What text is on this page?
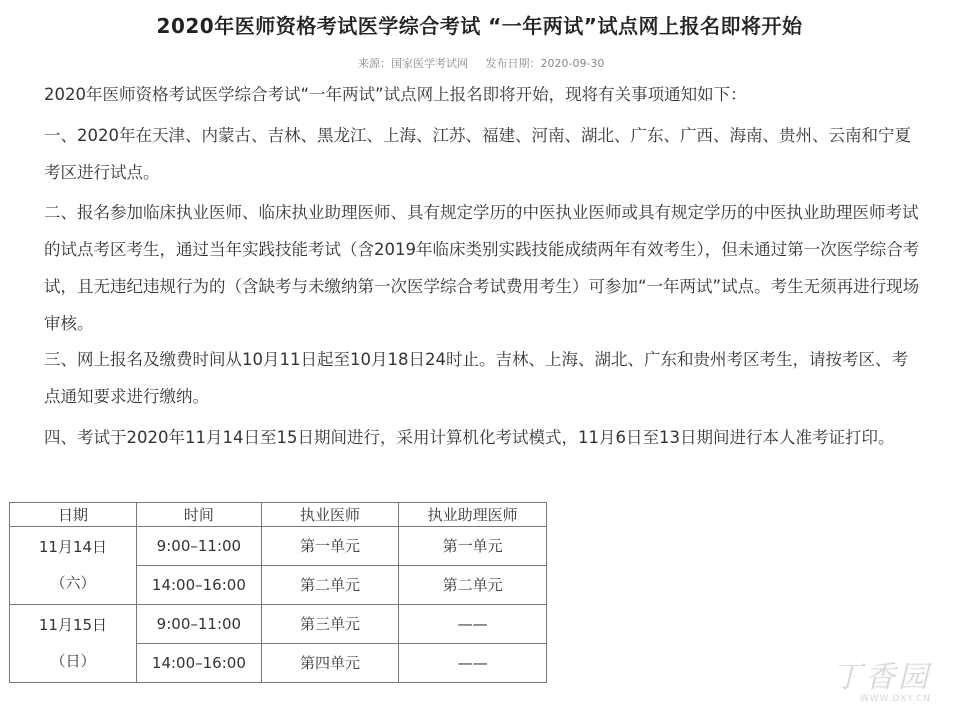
2020年医师资格考试医学综合考试 “一年两试”试点网上报名即将开始
来源：国家医学考试网 发布日期：2020-09-30

2020年医师资格考试医学综合考试“一年两试”试点网上报名即将开始，现将有关事项通知如下：

一、2020年在天津、内蒙古、吉林、黑龙江、上海、江苏、福建、河南、湖北、广东、广西、海南、贵州、云南和宁夏考区进行试点。

二、报名参加临床执业医师、临床执业助理医师、具有规定学历的中医执业医师或具有规定学历的中医执业助理医师考试的试点考区考生，通过当年实践技能考试（含2019年临床类别实践技能成绩两年有效考生），但未通过第一次医学综合考试，且无违纪违规行为的（含缺考与未缴纳第一次医学综合考试费用考生）可参加“一年两试”试点。考生无须再进行现场审核。

三、网上报名及缴费时间从10月11日起至10月18日24时止。吉林、上海、湖北、广东和贵州考区考生，请按考区、考点通知要求进行缴纳。

四、考试于2020年11月14日至15日期间进行，采用计算机化考试模式，11月6日至13日期间进行本人准考证打印。

日期	时间	执业医师	执业助理医师

11月14日
（六）	9:00–11:00	第一单元	第一单元
	14:00–16:00	第二单元	第二单元

11月15日
（日）	9:00–11:00	第三单元	——
	14:00–16:00	第四单元	——	丁香园
WWW.DXY.CN
